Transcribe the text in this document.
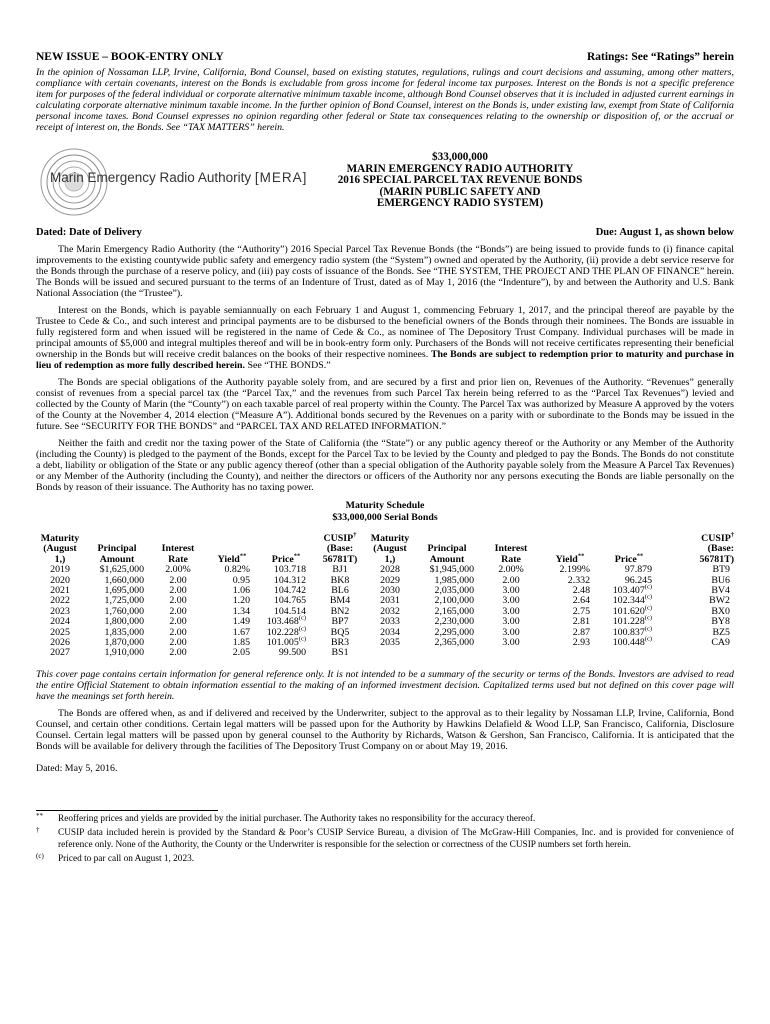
NEW ISSUE – BOOK-ENTRY ONLY	Ratings: See “Ratings” herein

In the opinion of Nossaman LLP, Irvine, California, Bond Counsel, based on existing statutes, regulations, rulings and court decisions and assuming, among other matters, compliance with certain covenants, interest on the Bonds is excludable from gross income for federal income tax purposes. Interest on the Bonds is not a specific preference item for purposes of the federal individual or corporate alternative minimum taxable income, although Bond Counsel observes that it is included in adjusted current earnings in calculating corporate alternative minimum taxable income. In the further opinion of Bond Counsel, interest on the Bonds is, under existing law, exempt from State of California personal income taxes. Bond Counsel expresses no opinion regarding other federal or State tax consequences relating to the ownership or disposition of, or the accrual or receipt of interest on, the Bonds. See “TAX MATTERS” herein.

Marin Emergency Radio Authority [MERA]
$33,000,000
MARIN EMERGENCY RADIO AUTHORITY
2016 SPECIAL PARCEL TAX REVENUE BONDS
(MARIN PUBLIC SAFETY AND
EMERGENCY RADIO SYSTEM)
Dated: Date of Delivery	Due: August 1, as shown below

The Marin Emergency Radio Authority (the “Authority”) 2016 Special Parcel Tax Revenue Bonds (the “Bonds”) are being issued to provide funds to (i) finance capital improvements to the existing countywide public safety and emergency radio system (the “System”) owned and operated by the Authority, (ii) provide a debt service reserve for the Bonds through the purchase of a reserve policy, and (iii) pay costs of issuance of the Bonds. See “THE SYSTEM, THE PROJECT AND THE PLAN OF FINANCE” herein. The Bonds will be issued and secured pursuant to the terms of an Indenture of Trust, dated as of May 1, 2016 (the “Indenture”), by and between the Authority and U.S. Bank National Association (the “Trustee”).

Interest on the Bonds, which is payable semiannually on each February 1 and August 1, commencing February 1, 2017, and the principal thereof are payable by the Trustee to Cede & Co., and such interest and principal payments are to be disbursed to the beneficial owners of the Bonds through their nominees. The Bonds are issuable in fully registered form and when issued will be registered in the name of Cede & Co., as nominee of The Depository Trust Company. Individual purchases will be made in principal amounts of $5,000 and integral multiples thereof and will be in book-entry form only. Purchasers of the Bonds will not receive certificates representing their beneficial ownership in the Bonds but will receive credit balances on the books of their respective nominees. The Bonds are subject to redemption prior to maturity and purchase in lieu of redemption as more fully described herein. See “THE BONDS.”

The Bonds are special obligations of the Authority payable solely from, and are secured by a first and prior lien on, Revenues of the Authority. “Revenues” generally consist of revenues from a special parcel tax (the “Parcel Tax,” and the revenues from such Parcel Tax herein being referred to as the “Parcel Tax Revenues”) levied and collected by the County of Marin (the “County”) on each taxable parcel of real property within the County. The Parcel Tax was authorized by Measure A approved by the voters of the County at the November 4, 2014 election (“Measure A”). Additional bonds secured by the Revenues on a parity with or subordinate to the Bonds may be issued in the future. See “SECURITY FOR THE BONDS” and “PARCEL TAX AND RELATED INFORMATION.”

Neither the faith and credit nor the taxing power of the State of California (the “State”) or any public agency thereof or the Authority or any Member of the Authority (including the County) is pledged to the payment of the Bonds, except for the Parcel Tax to be levied by the County and pledged to pay the Bonds. The Bonds do not constitute a debt, liability or obligation of the State or any public agency thereof (other than a special obligation of the Authority payable solely from the Measure A Parcel Tax Revenues) or any Member of the Authority (including the County), and neither the directors or officers of the Authority nor any persons executing the Bonds are liable personally on the Bonds by reason of their issuance. The Authority has no taxing power.

Maturity Schedule
$33,000,000 Serial Bonds
Maturity
(August
1,)	Principal
Amount	Interest
Rate	Yield**	Price**	CUSIP†
(Base:
56781T)	Maturity
(August
1,)	Principal
Amount	Interest
Rate	Yield**	Price**	CUSIP†
(Base:
56781T)
2019	$1,625,000	2.00%	0.82%	103.718	BJ1	2028	$1,945,000	2.00%	2.199%	97.879	BT9
2020	1,660,000	2.00	0.95	104.312	BK8	2029	1,985,000	2.00	2.332	96.245	BU6
2021	1,695,000	2.00	1.06	104.742	BL6	2030	2,035,000	3.00	2.48	103.407$^{(c)}$	BV4
2022	1,725,000	2.00	1.20	104.765	BM4	2031	2,100,000	3.00	2.64	102.344$^{(c)}$	BW2
2023	1,760,000	2.00	1.34	104.514	BN2	2032	2,165,000	3.00	2.75	101.620$^{(c)}$	BX0
2024	1,800,000	2.00	1.49	103.468$^{(c)}$	BP7	2033	2,230,000	3.00	2.81	101.228$^{(c)}$	BY8
2025	1,835,000	2.00	1.67	102.228$^{(c)}$	BQ5	2034	2,295,000	3.00	2.87	100.837$^{(c)}$	BZ5
2026	1,870,000	2.00	1.85	101.005$^{(c)}$	BR3	2035	2,365,000	3.00	2.93	100.448$^{(c)}$	CA9
2027	1,910,000	2.00	2.05	99.500	BS1						

This cover page contains certain information for general reference only. It is not intended to be a summary of the security or terms of the Bonds. Investors are advised to read the entire Official Statement to obtain information essential to the making of an informed investment decision. Capitalized terms used but not defined on this cover page will have the meanings set forth herein.

The Bonds are offered when, as and if delivered and received by the Underwriter, subject to the approval as to their legality by Nossaman LLP, Irvine, California, Bond Counsel, and certain other conditions. Certain legal matters will be passed upon for the Authority by Hawkins Delafield & Wood LLP, San Francisco, California, Disclosure Counsel. Certain legal matters will be passed upon by general counsel to the Authority by Richards, Watson & Gershon, San Francisco, California. It is anticipated that the Bonds will be available for delivery through the facilities of The Depository Trust Company on or about May 19, 2016.

Dated: May 5, 2016.

**	Reoffering prices and yields are provided by the initial purchaser. The Authority takes no responsibility for the accuracy thereof.
†	CUSIP data included herein is provided by the Standard & Poor’s CUSIP Service Bureau, a division of The McGraw-Hill Companies, Inc. and is provided for convenience of reference only. None of the Authority, the County or the Underwriter is responsible for the selection or correctness of the CUSIP numbers set forth herein.
(c)	Priced to par call on August 1, 2023.
